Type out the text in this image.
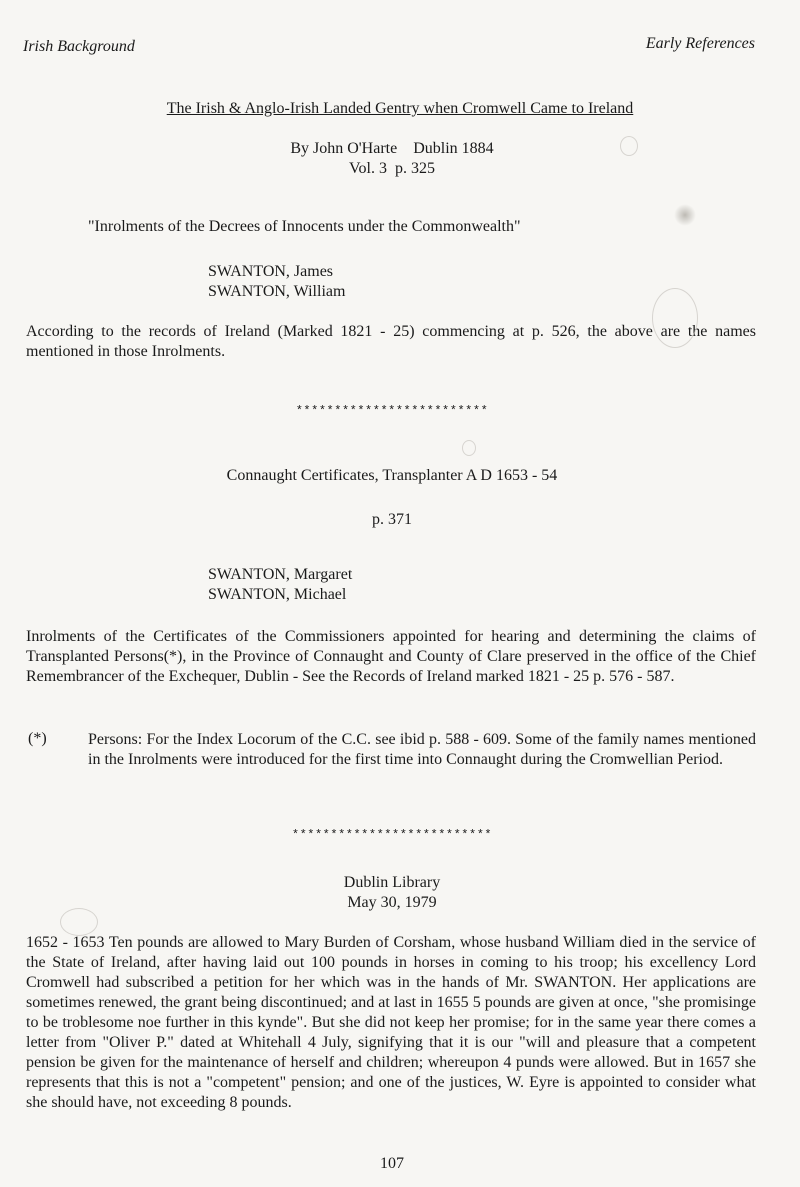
Irish Background	Early References
The Irish & Anglo-Irish Landed Gentry when Cromwell Came to Ireland
By John O'Harte    Dublin 1884
Vol. 3  p. 325
"Inrolments of the Decrees of Innocents under the Commonwealth"
SWANTON, James
SWANTON, William
According to the records of Ireland (Marked 1821 - 25) commencing at p. 526, the above are the names mentioned in those Inrolments.
*************************
Connaught Certificates, Transplanter A D 1653 - 54
p. 371
SWANTON, Margaret
SWANTON, Michael
Inrolments of the Certificates of the Commissioners appointed for hearing and determining the claims of Transplanted Persons(*), in the Province of Connaught and County of Clare preserved in the office of the Chief Remembrancer of the Exchequer, Dublin - See the Records of Ireland marked 1821 - 25 p. 576 - 587.
(*)	Persons: For the Index Locorum of the C.C. see ibid p. 588 - 609. Some of the family names mentioned in the Inrolments were introduced for the first time into Connaught during the Cromwellian Period.
**************************
Dublin Library
May 30, 1979
1652 - 1653 Ten pounds are allowed to Mary Burden of Corsham, whose husband William died in the service of the State of Ireland, after having laid out 100 pounds in horses in coming to his troop; his excellency Lord Cromwell had subscribed a petition for her which was in the hands of Mr. SWANTON. Her applications are sometimes renewed, the grant being discontinued; and at last in 1655 5 pounds are given at once, "she promisinge to be troblesome noe further in this kynde". But she did not keep her promise; for in the same year there comes a letter from "Oliver P." dated at Whitehall 4 July, signifying that it is our "will and pleasure that a competent pension be given for the maintenance of herself and children; whereupon 4 punds were allowed. But in 1657 she represents that this is not a "competent" pension; and one of the justices, W. Eyre is appointed to consider what she should have, not exceeding 8 pounds.
107
